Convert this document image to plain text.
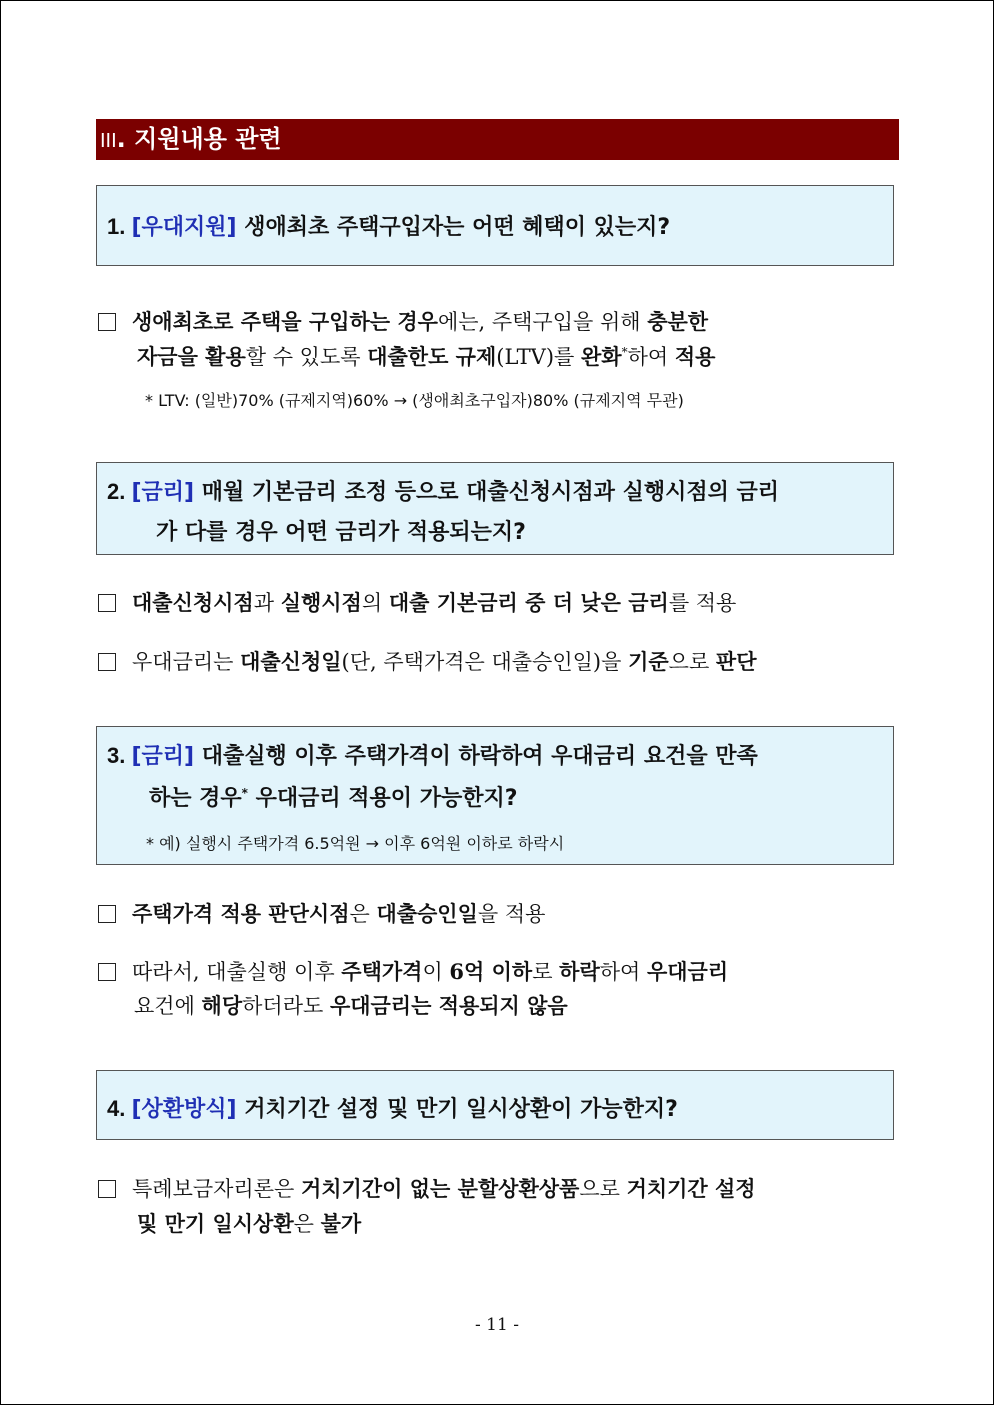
III. 지원내용 관련
1. [우대지원] 생애최초 주택구입자는 어떤 혜택이 있는지?
생애최초로 주택을 구입하는 경우에는, 주택구입을 위해 충분한
자금을 활용할 수 있도록 대출한도 규제(LTV)를 완화*하여 적용
* LTV: (일반)70% (규제지역)60% → (생애최초구입자)80% (규제지역 무관)
2. [금리] 매월 기본금리 조정 등으로 대출신청시점과 실행시점의 금리
가 다를 경우 어떤 금리가 적용되는지?
대출신청시점과 실행시점의 대출 기본금리 중 더 낮은 금리를 적용
우대금리는 대출신청일(단, 주택가격은 대출승인일)을 기준으로 판단
3. [금리] 대출실행 이후 주택가격이 하락하여 우대금리 요건을 만족
하는 경우* 우대금리 적용이 가능한지?
* 예) 실행시 주택가격 6.5억원 → 이후 6억원 이하로 하락시
주택가격 적용 판단시점은 대출승인일을 적용
따라서, 대출실행 이후 주택가격이 6억 이하로 하락하여 우대금리
요건에 해당하더라도 우대금리는 적용되지 않음
4. [상환방식] 거치기간 설정 및 만기 일시상환이 가능한지?
특례보금자리론은 거치기간이 없는 분할상환상품으로 거치기간 설정
및 만기 일시상환은 불가
- 11 -
